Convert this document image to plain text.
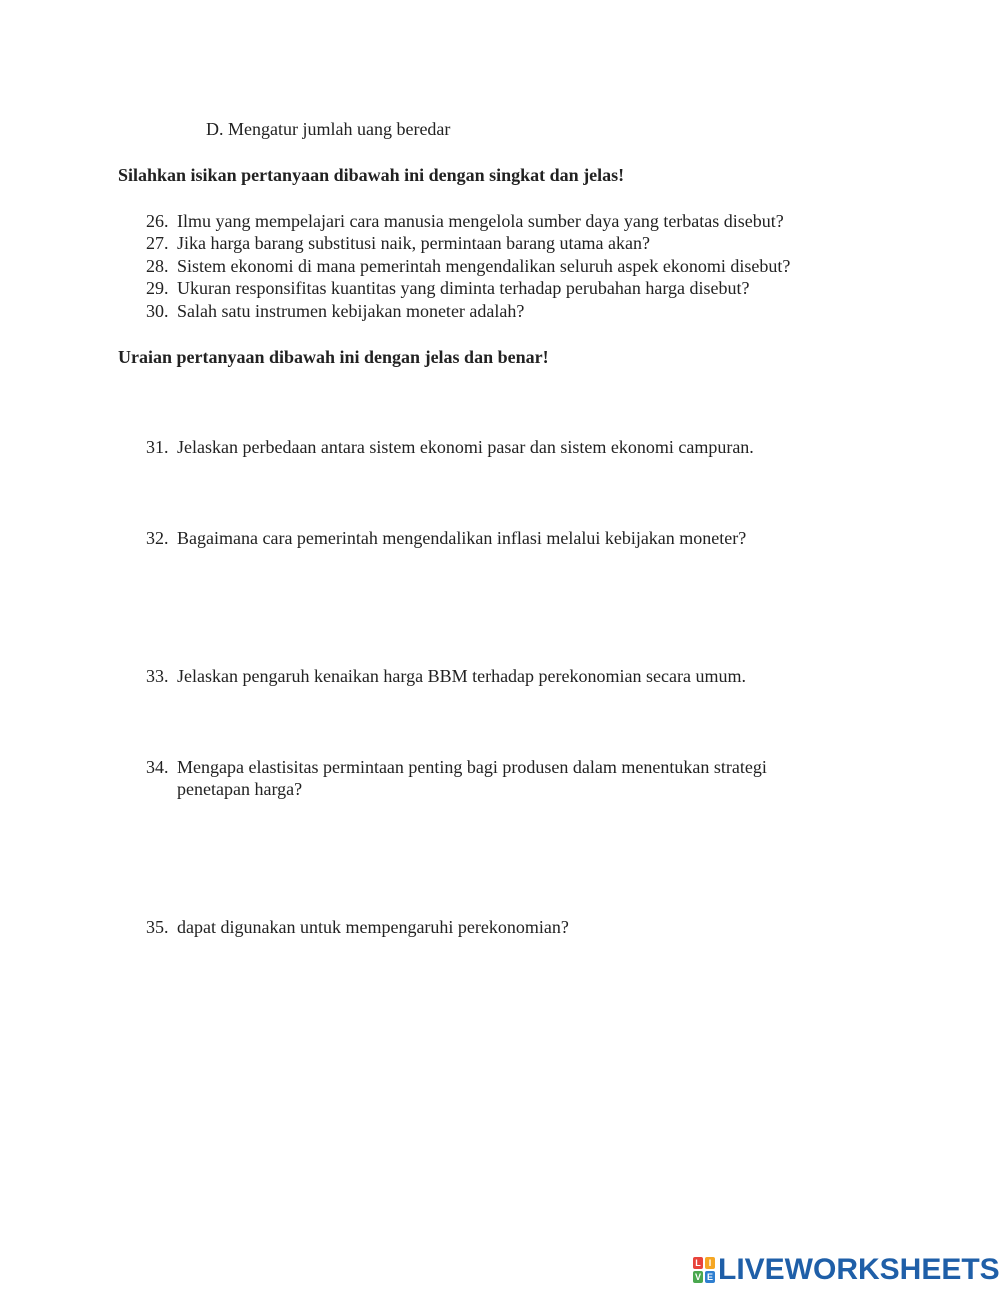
D. Mengatur jumlah uang beredar
Silahkan isikan pertanyaan dibawah ini dengan singkat dan jelas!
26. Ilmu yang mempelajari cara manusia mengelola sumber daya yang terbatas disebut?
27. Jika harga barang substitusi naik, permintaan barang utama akan?
28. Sistem ekonomi di mana pemerintah mengendalikan seluruh aspek ekonomi disebut?
29. Ukuran responsifitas kuantitas yang diminta terhadap perubahan harga disebut?
30. Salah satu instrumen kebijakan moneter adalah?
Uraian pertanyaan dibawah ini dengan jelas dan benar!
31. Jelaskan perbedaan antara sistem ekonomi pasar dan sistem ekonomi campuran.
32. Bagaimana cara pemerintah mengendalikan inflasi melalui kebijakan moneter?
33. Jelaskan pengaruh kenaikan harga BBM terhadap perekonomian secara umum.
34. Mengapa elastisitas permintaan penting bagi produsen dalam menentukan strategi
penetapan harga?
35. dapat digunakan untuk mempengaruhi perekonomian?
L I
V E LIVEWORKSHEETS
